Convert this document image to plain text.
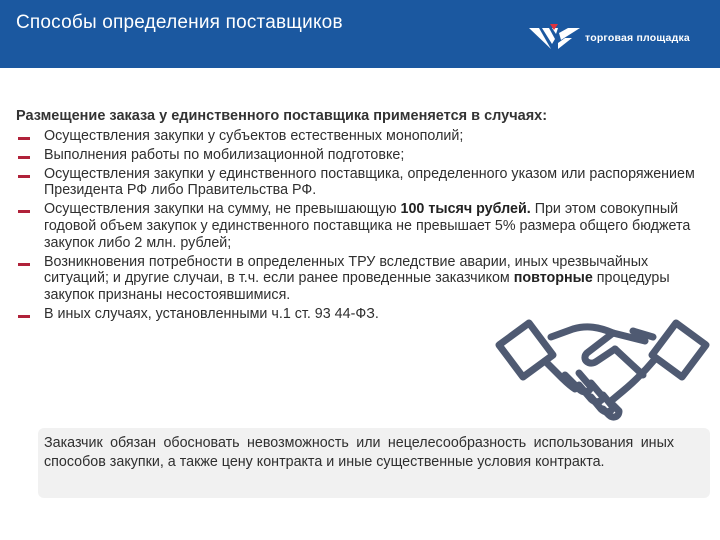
Способы определения поставщиков
торговая площадка
Размещение заказа у единственного поставщика применяется в случаях:
Осуществления закупки у субъектов естественных монополий;
Выполнения работы по мобилизационной подготовке;
Осуществления закупки у единственного поставщика, определенного указом или распоряжением Президента РФ либо Правительства РФ.
Осуществления закупки на сумму, не превышающую 100 тысяч рублей. При этом совокупный годовой объем закупок у единственного поставщика не превышает 5% размера общего бюджета закупок либо 2 млн. рублей;
Возникновения потребности в определенных ТРУ вследствие аварии, иных чрезвычайных ситуаций; и другие случаи, в т.ч. если ранее проведенные заказчиком повторные процедуры закупок признаны несостоявшимися.
В иных случаях, установленными ч.1 ст. 93 44-ФЗ.
Заказчик обязан обосновать невозможность или нецелесообразность использования иных способов закупки, а также цену контракта и иные существенные условия контракта.
